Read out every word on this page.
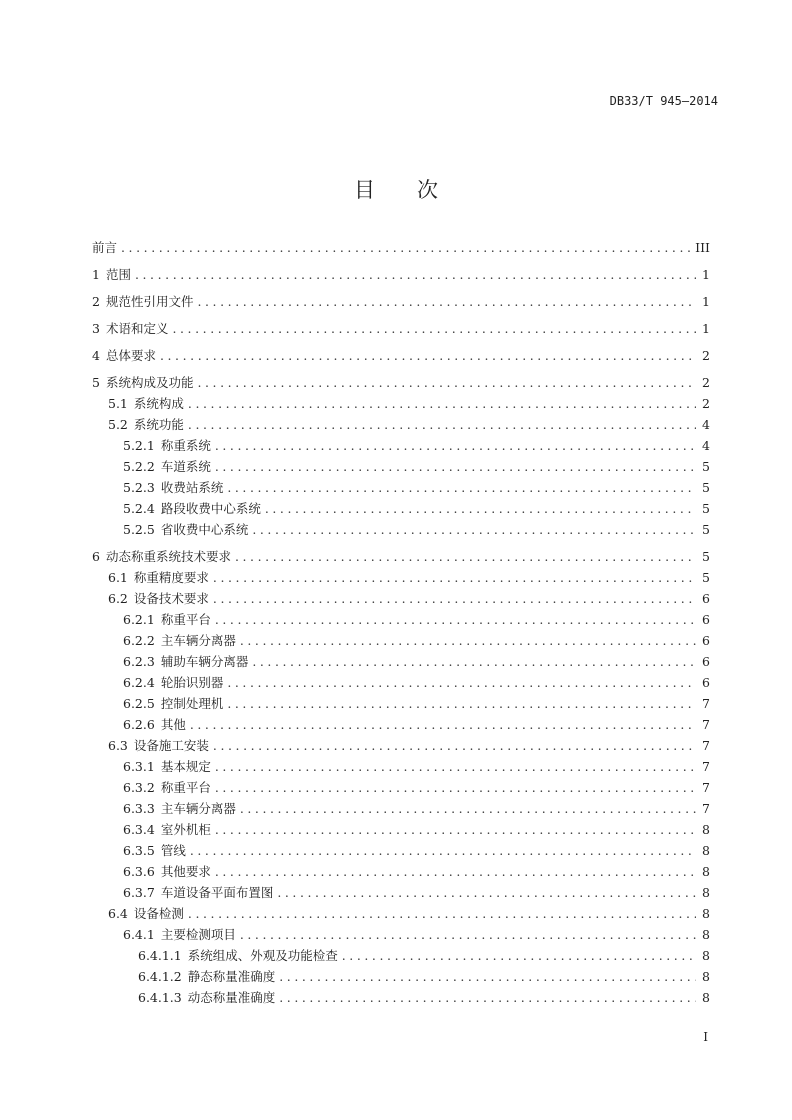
DB33/T 945—2014
目 次
前言 . . .	III
1 范围 . . .	1
2 规范性引用文件 . . .	1
3 术语和定义 . . .	1
4 总体要求 . . .	2
5 系统构成及功能 . . .	2
5.1 系统构成 . . .	2
5.2 系统功能 . . .	4
5.2.1 称重系统 . . .	4
5.2.2 车道系统 . . .	5
5.2.3 收费站系统 . . .	5
5.2.4 路段收费中心系统 . . .	5
5.2.5 省收费中心系统 . . .	5
6 动态称重系统技术要求 . . .	5
6.1 称重精度要求 . . .	5
6.2 设备技术要求 . . .	6
6.2.1 称重平台 . . .	6
6.2.2 主车辆分离器 . . .	6
6.2.3 辅助车辆分离器 . . .	6
6.2.4 轮胎识别器 . . .	6
6.2.5 控制处理机 . . .	7
6.2.6 其他 . . .	7
6.3 设备施工安装 . . .	7
6.3.1 基本规定 . . .	7
6.3.2 称重平台 . . .	7
6.3.3 主车辆分离器 . . .	7
6.3.4 室外机柜 . . .	8
6.3.5 管线 . . .	8
6.3.6 其他要求 . . .	8
6.3.7 车道设备平面布置图 . . .	8
6.4 设备检测 . . .	8
6.4.1 主要检测项目 . . .	8
6.4.1.1 系统组成、外观及功能检查 . . .	8
6.4.1.2 静态称量准确度 . . .	8
6.4.1.3 动态称量准确度 . . .	8
I
